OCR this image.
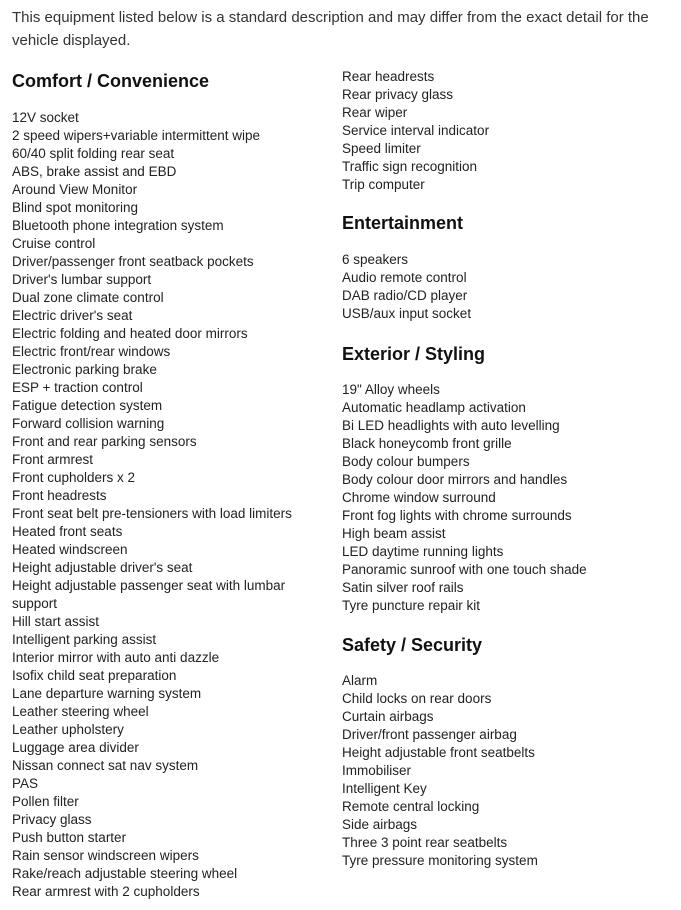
This equipment listed below is a standard description and may differ from the exact detail for the vehicle displayed.

Comfort / Convenience
12V socket
2 speed wipers+variable intermittent wipe
60/40 split folding rear seat
ABS, brake assist and EBD
Around View Monitor
Blind spot monitoring
Bluetooth phone integration system
Cruise control
Driver/passenger front seatback pockets
Driver's lumbar support
Dual zone climate control
Electric driver's seat
Electric folding and heated door mirrors
Electric front/rear windows
Electronic parking brake
ESP + traction control
Fatigue detection system
Forward collision warning
Front and rear parking sensors
Front armrest
Front cupholders x 2
Front headrests
Front seat belt pre-tensioners with load limiters
Heated front seats
Heated windscreen
Height adjustable driver's seat
Height adjustable passenger seat with lumbar support
Hill start assist
Intelligent parking assist
Interior mirror with auto anti dazzle
Isofix child seat preparation
Lane departure warning system
Leather steering wheel
Leather upholstery
Luggage area divider
Nissan connect sat nav system
PAS
Pollen filter
Privacy glass
Push button starter
Rain sensor windscreen wipers
Rake/reach adjustable steering wheel
Rear armrest with 2 cupholders
Rear headrests
Rear privacy glass
Rear wiper
Service interval indicator
Speed limiter
Traffic sign recognition
Trip computer
Entertainment
6 speakers
Audio remote control
DAB radio/CD player
USB/aux input socket
Exterior / Styling
19" Alloy wheels
Automatic headlamp activation
Bi LED headlights with auto levelling
Black honeycomb front grille
Body colour bumpers
Body colour door mirrors and handles
Chrome window surround
Front fog lights with chrome surrounds
High beam assist
LED daytime running lights
Panoramic sunroof with one touch shade
Satin silver roof rails
Tyre puncture repair kit
Safety / Security
Alarm
Child locks on rear doors
Curtain airbags
Driver/front passenger airbag
Height adjustable front seatbelts
Immobiliser
Intelligent Key
Remote central locking
Side airbags
Three 3 point rear seatbelts
Tyre pressure monitoring system
